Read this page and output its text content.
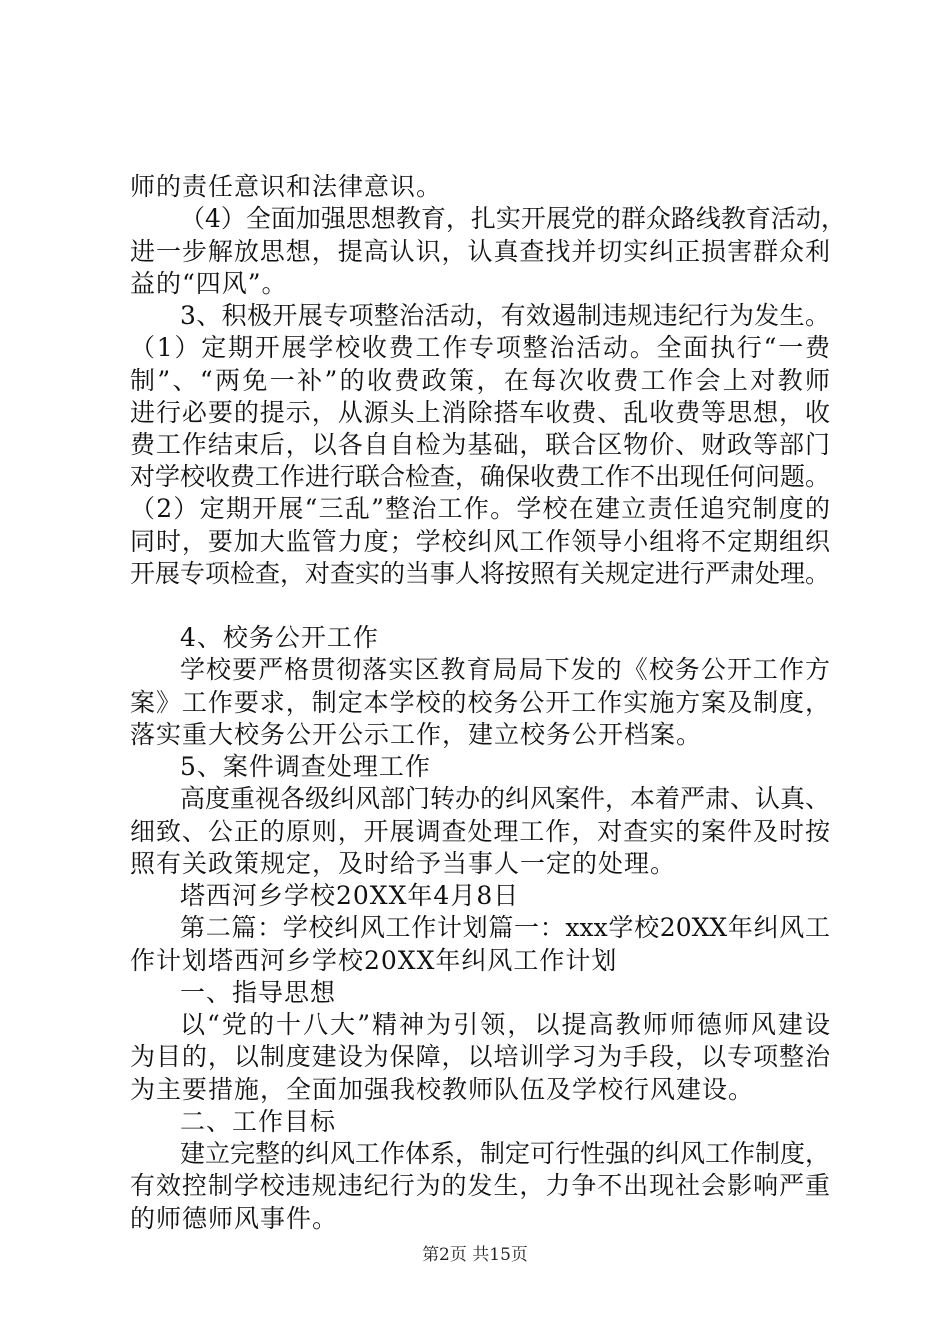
师的责任意识和法律意识。
（4）全面加强思想教育，扎实开展党的群众路线教育活动，
进一步解放思想，提高认识，认真查找并切实纠正损害群众利
益的“四风”。
3、积极开展专项整治活动，有效遏制违规违纪行为发生。
（1）定期开展学校收费工作专项整治活动。全面执行“一费
制”、“两免一补”的收费政策，在每次收费工作会上对教师
进行必要的提示，从源头上消除搭车收费、乱收费等思想，收
费工作结束后，以各自自检为基础，联合区物价、财政等部门
对学校收费工作进行联合检查，确保收费工作不出现任何问题。
（2）定期开展“三乱”整治工作。学校在建立责任追究制度的
同时，要加大监管力度；学校纠风工作领导小组将不定期组织
开展专项检查，对查实的当事人将按照有关规定进行严肃处理。
4、校务公开工作
学校要严格贯彻落实区教育局局下发的《校务公开工作方
案》工作要求，制定本学校的校务公开工作实施方案及制度，
落实重大校务公开公示工作，建立校务公开档案。
5、案件调查处理工作
高度重视各级纠风部门转办的纠风案件，本着严肃、认真、
细致、公正的原则，开展调查处理工作，对查实的案件及时按
照有关政策规定，及时给予当事人一定的处理。
塔西河乡学校20XX年4月8日
第二篇：学校纠风工作计划篇一：xxx学校20XX年纠风工
作计划塔西河乡学校20XX年纠风工作计划
一、指导思想
以“党的十八大”精神为引领，以提高教师师德师风建设
为目的，以制度建设为保障，以培训学习为手段，以专项整治
为主要措施，全面加强我校教师队伍及学校行风建设。
二、工作目标
建立完整的纠风工作体系，制定可行性强的纠风工作制度，
有效控制学校违规违纪行为的发生，力争不出现社会影响严重
的师德师风事件。
第2页 共15页
